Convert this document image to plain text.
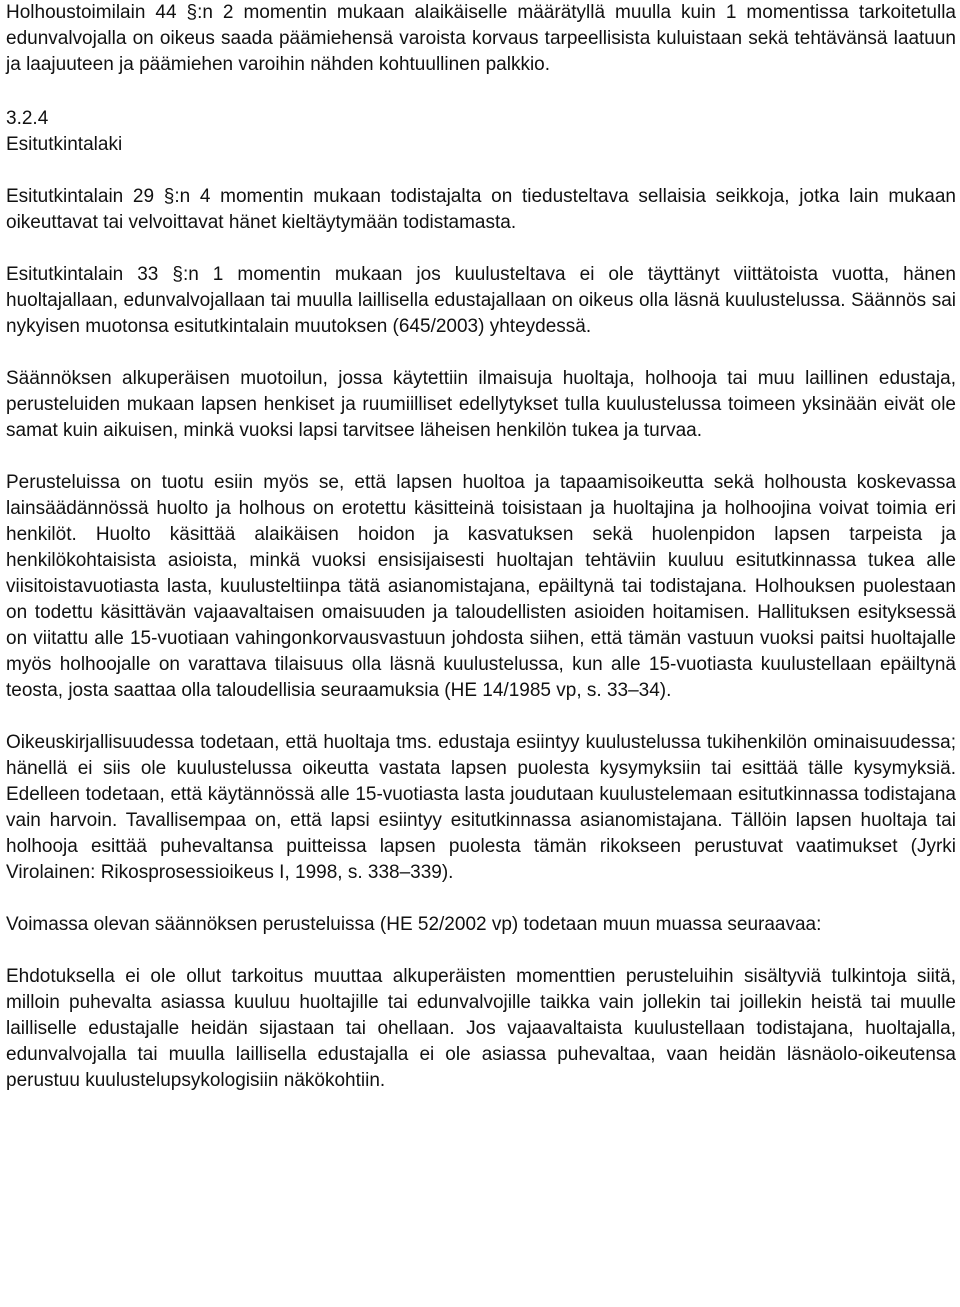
Holhoustoimilain 44 §:n 2 momentin mukaan alaikäiselle määrätyllä muulla kuin 1 momentissa tarkoitetulla edunvalvojalla on oikeus saada päämiehensä varoista korvaus tarpeellisista kuluistaan sekä tehtävänsä laatuun ja laajuuteen ja päämiehen varoihin nähden kohtuullinen palkkio.

3.2.4
Esitutkintalaki

Esitutkintalain 29 §:n 4 momentin mukaan todistajalta on tiedusteltava sellaisia seikkoja, jotka lain mukaan oikeuttavat tai velvoittavat hänet kieltäytymään todistamasta.

Esitutkintalain 33 §:n 1 momentin mukaan jos kuulusteltava ei ole täyttänyt viittätoista vuotta, hänen huoltajallaan, edunvalvojallaan tai muulla laillisella edustajallaan on oikeus olla läsnä kuulustelussa. Säännös sai nykyisen muotonsa esitutkintalain muutoksen (645/2003) yhteydessä.

Säännöksen alkuperäisen muotoilun, jossa käytettiin ilmaisuja huoltaja, holhooja tai muu laillinen edustaja, perusteluiden mukaan lapsen henkiset ja ruumiilliset edellytykset tulla kuulustelussa toimeen yksinään eivät ole samat kuin aikuisen, minkä vuoksi lapsi tarvitsee läheisen henkilön tukea ja turvaa.

Perusteluissa on tuotu esiin myös se, että lapsen huoltoa ja tapaamisoikeutta sekä holhousta koskevassa lainsäädännössä huolto ja holhous on erotettu käsitteinä toisistaan ja huoltajina ja holhoojina voivat toimia eri henkilöt. Huolto käsittää alaikäisen hoidon ja kasvatuksen sekä huolenpidon lapsen tarpeista ja henkilökohtaisista asioista, minkä vuoksi ensisijaisesti huoltajan tehtäviin kuuluu esitutkinnassa tukea alle viisitoistavuotiasta lasta, kuulusteltiinpa tätä asianomistajana, epäiltynä tai todistajana. Holhouksen puolestaan on todettu käsittävän vajaavaltaisen omaisuuden ja taloudellisten asioiden hoitamisen. Hallituksen esityksessä on viitattu alle 15-vuotiaan vahingonkorvausvastuun johdosta siihen, että tämän vastuun vuoksi paitsi huoltajalle myös holhoojalle on varattava tilaisuus olla läsnä kuulustelussa, kun alle 15-vuotiasta kuulustellaan epäiltynä teosta, josta saattaa olla taloudellisia seuraamuksia (HE 14/1985 vp, s. 33–34).

Oikeuskirjallisuudessa todetaan, että huoltaja tms. edustaja esiintyy kuulustelussa tukihenkilön ominaisuudessa; hänellä ei siis ole kuulustelussa oikeutta vastata lapsen puolesta kysymyksiin tai esittää tälle kysymyksiä. Edelleen todetaan, että käytännössä alle 15-vuotiasta lasta joudutaan kuulustelemaan esitutkinnassa todistajana vain harvoin. Tavallisempaa on, että lapsi esiintyy esitutkinnassa asianomistajana. Tällöin lapsen huoltaja tai holhooja esittää puhevaltansa puitteissa lapsen puolesta tämän rikokseen perustuvat vaatimukset (Jyrki Virolainen: Rikosprosessioikeus I, 1998, s. 338–339).

Voimassa olevan säännöksen perusteluissa (HE 52/2002 vp) todetaan muun muassa seuraavaa:

Ehdotuksella ei ole ollut tarkoitus muuttaa alkuperäisten momenttien perusteluihin sisältyviä tulkintoja siitä, milloin puhevalta asiassa kuuluu huoltajille tai edunvalvojille taikka vain jollekin tai joillekin heistä tai muulle lailliselle edustajalle heidän sijastaan tai ohellaan. Jos vajaavaltaista kuulustellaan todistajana, huoltajalla, edunvalvojalla tai muulla laillisella edustajalla ei ole asiassa puhevaltaa, vaan heidän läsnäolo-oikeutensa perustuu kuulustelupsykologisiin näkökohtiin.
